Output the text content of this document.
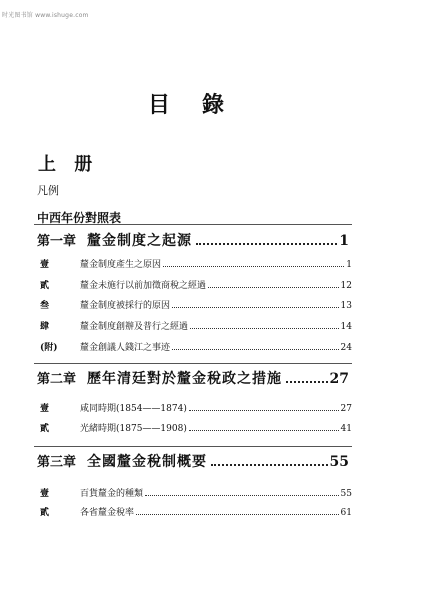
时光图书馆 www.ishuge.com
目錄
上 册
凡例
中西年份對照表
第一章 釐金制度之起源	1
壹	釐金制度產生之原因	1
貳	釐金未施行以前加徵商稅之經過	12
叁	釐金制度被採行的原因	13
肆	釐金制度創辦及普行之經過	14
(附)	釐金創議人錢江之事迹	24
第二章 歷年清廷對於釐金稅政之措施	27
壹	咸同時期(1854——1874)	27
貳	光緒時期(1875——1908)	41
第三章 全國釐金稅制概要	55
壹	百貨釐金的種類	55
貳	各省釐金稅率	61
